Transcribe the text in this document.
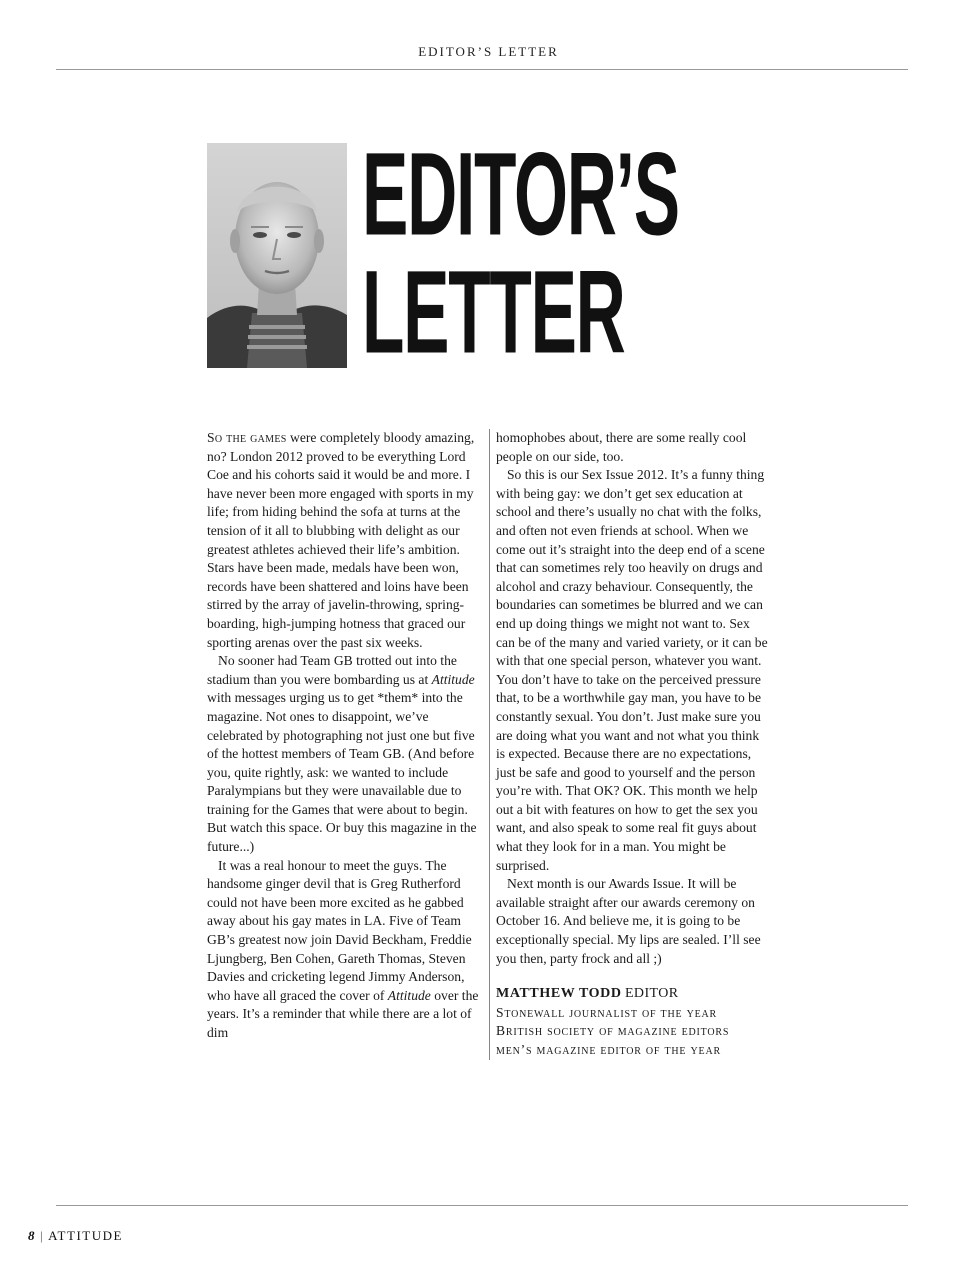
EDITOR’S LETTER
EDITOR’S
LETTER

So the games were completely bloody amazing, no? London 2012 proved to be everything Lord Coe and his cohorts said it would be and more. I have never been more engaged with sports in my life; from hiding behind the sofa at turns at the tension of it all to blubbing with delight as our greatest athletes achieved their life’s ambition. Stars have been made, medals have been won, records have been shattered and loins have been stirred by the array of javelin-throwing, spring-boarding, high-jumping hotness that graced our sporting arenas over the past six weeks.

No sooner had Team GB trotted out into the stadium than you were bombarding us at Attitude with messages urging us to get *them* into the magazine. Not ones to disappoint, we’ve celebrated by photographing not just one but five of the hottest members of Team GB. (And before you, quite rightly, ask: we wanted to include Paralympians but they were unavailable due to training for the Games that were about to begin. But watch this space. Or buy this magazine in the future...)

It was a real honour to meet the guys. The handsome ginger devil that is Greg Rutherford could not have been more excited as he gabbed away about his gay mates in LA. Five of Team GB’s greatest now join David Beckham, Freddie Ljungberg, Ben Cohen, Gareth Thomas, Steven Davies and cricketing legend Jimmy Anderson, who have all graced the cover of Attitude over the years. It’s a reminder that while there are a lot of dim

homophobes about, there are some really cool people on our side, too.

So this is our Sex Issue 2012. It’s a funny thing with being gay: we don’t get sex education at school and there’s usually no chat with the folks, and often not even friends at school. When we come out it’s straight into the deep end of a scene that can sometimes rely too heavily on drugs and alcohol and crazy behaviour. Consequently, the boundaries can sometimes be blurred and we can end up doing things we might not want to. Sex can be of the many and varied variety, or it can be with that one special person, whatever you want. You don’t have to take on the perceived pressure that, to be a worthwhile gay man, you have to be constantly sexual. You don’t. Just make sure you are doing what you want and not what you think is expected. Because there are no expectations, just be safe and good to yourself and the person you’re with. That OK? OK. This month we help out a bit with features on how to get the sex you want, and also speak to some real fit guys about what they look for in a man. You might be surprised.

Next month is our Awards Issue. It will be available straight after our awards ceremony on October 16. And believe me, it is going to be exceptionally special. My lips are sealed. I’ll see you then, party frock and all ;)

MATTHEW TODD EDITOR
Stonewall journalist of the year
British society of magazine editors
men’s magazine editor of the year
8 | ATTITUDE
